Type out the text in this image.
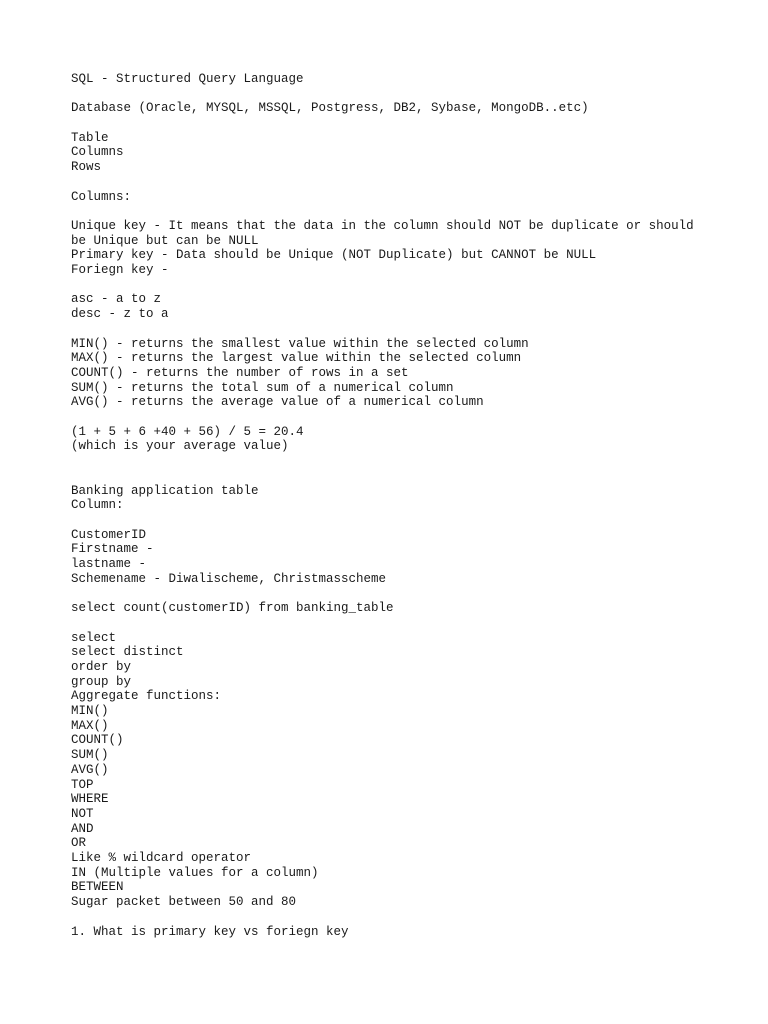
SQL - Structured Query Language
Database (Oracle, MYSQL, MSSQL, Postgress, DB2, Sybase, MongoDB..etc)
Table
Columns
Rows
Columns:
Unique key - It means that the data in the column should NOT be duplicate or should
be Unique but can be NULL
Primary key - Data should be Unique (NOT Duplicate) but CANNOT be NULL
Foriegn key -
asc - a to z
desc - z to a
MIN() - returns the smallest value within the selected column
MAX() - returns the largest value within the selected column
COUNT() - returns the number of rows in a set
SUM() - returns the total sum of a numerical column
AVG() - returns the average value of a numerical column
(1 + 5 + 6 +40 + 56) / 5 = 20.4
(which is your average value)
Banking application table
Column:
CustomerID
Firstname -
lastname -
Schemename - Diwalischeme, Christmasscheme
select count(customerID) from banking_table
select
select distinct
order by
group by
Aggregate functions:
MIN()
MAX()
COUNT()
SUM()
AVG()
TOP
WHERE
NOT
AND
OR
Like % wildcard operator
IN (Multiple values for a column)
BETWEEN
Sugar packet between 50 and 80
1. What is primary key vs foriegn key
